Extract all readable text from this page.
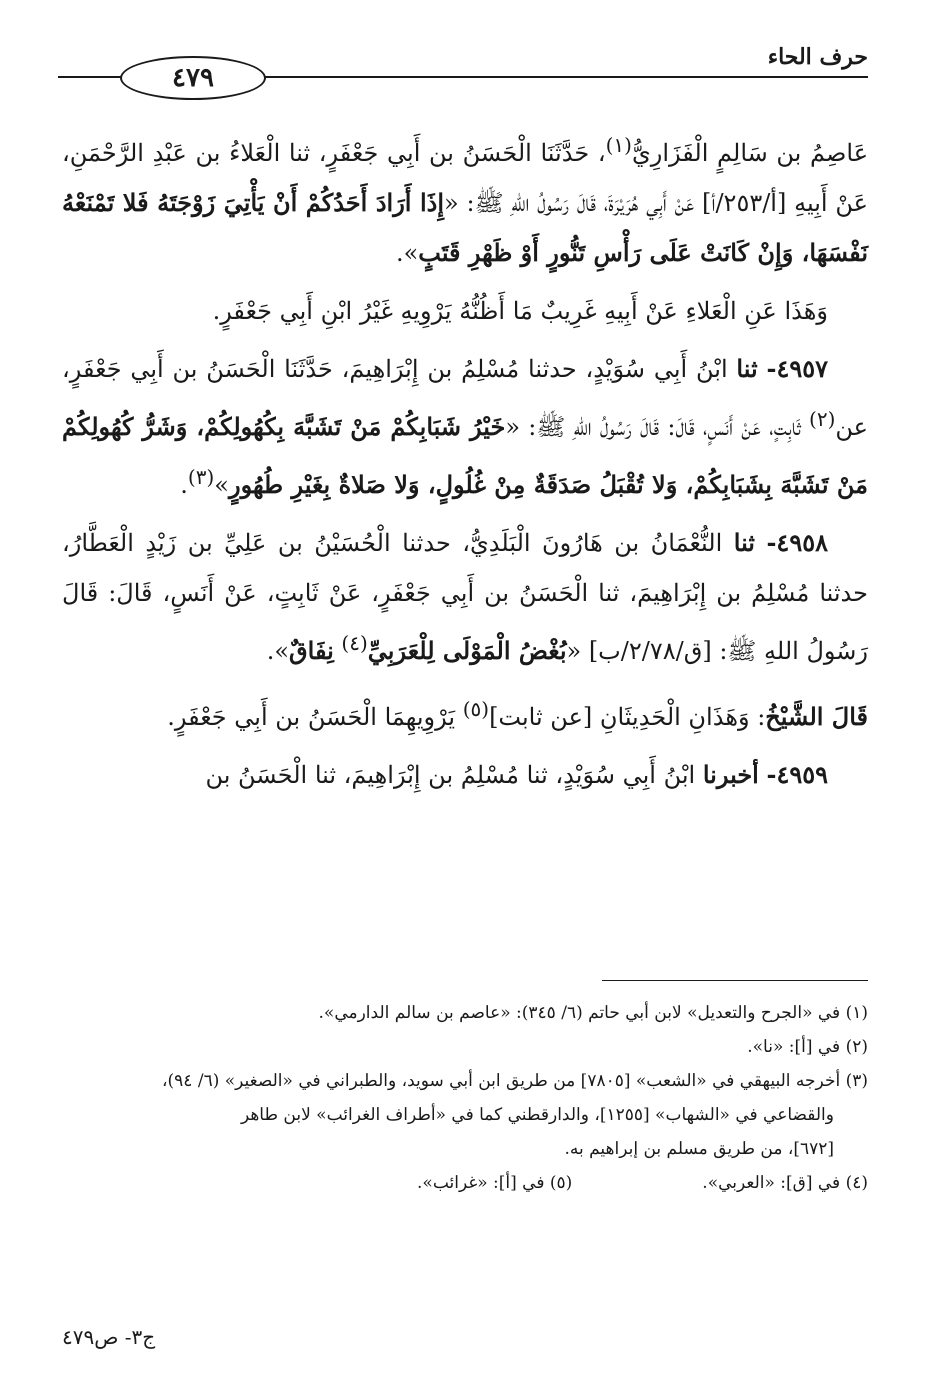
حرف الحاء
٤٧٩

عَاصِمُ بن سَالِمٍ الْفَزَارِيُّ$^{(١)}$، حَدَّثَنَا الْحَسَنُ بن أَبِي جَعْفَرٍ، ثنا الْعَلاءُ بن عَبْدِ الرَّحْمَنِ، عَنْ أَبِيهِ [أ/٢٥٣/أ] عَنْ أَبِي هُرَيْرَةَ، قَالَ رَسُولُ اللهِ ﷺ: «إِذَا أَرَادَ أَحَدُكُمْ أَنْ يَأْتِيَ زَوْجَتَهُ فَلا تَمْنَعْهُ نَفْسَهَا، وَإِنْ كَانَتْ عَلَى رَأْسِ تَنُّورٍ أَوْ ظَهْرِ قَتَبٍ».

وَهَذَا عَنِ الْعَلاءِ عَنْ أَبِيهِ غَرِيبٌ مَا أَظُنُّهُ يَرْوِيهِ غَيْرُ ابْنِ أَبِي جَعْفَرٍ.

٤٩٥٧- ثنا ابْنُ أَبِي سُوَيْدٍ، حدثنا مُسْلِمُ بن إِبْرَاهِيمَ، حَدَّثَنَا الْحَسَنُ بن أَبِي جَعْفَرٍ، عن$^{(٢)}$ ثَابِتٍ، عَنْ أَنَسٍ، قَالَ: قَالَ رَسُولُ اللهِ ﷺ: «خَيْرُ شَبَابِكُمْ مَنْ تَشَبَّهَ بِكُهُولِكُمْ، وَشَرُّ كُهُولِكُمْ مَنْ تَشَبَّهَ بِشَبَابِكُمْ، وَلا تُقْبَلُ صَدَقَةٌ مِنْ غُلُولٍ، وَلا صَلاةٌ بِغَيْرِ طُهُورٍ»$^{(٣)}$.

٤٩٥٨- ثنا النُّعْمَانُ بن هَارُونَ الْبَلَدِيُّ، حدثنا الْحُسَيْنُ بن عَلِيِّ بن زَيْدٍ الْعَطَّارُ، حدثنا مُسْلِمُ بن إِبْرَاهِيمَ، ثنا الْحَسَنُ بن أَبِي جَعْفَرٍ، عَنْ ثَابِتٍ، عَنْ أَنَسٍ، قَالَ: قَالَ رَسُولُ اللهِ ﷺ: [ق/٢/٧٨/ب] «بُغْضُ الْمَوْلَى لِلْعَرَبِيِّ$^{(٤)}$ نِفَاقٌ».

قَالَ الشَّيْخُ: وَهَذَانِ الْحَدِيثَانِ [عن ثابت]$^{(٥)}$ يَرْوِيهِمَا الْحَسَنُ بن أَبِي جَعْفَرٍ.

٤٩٥٩- أخبرنا ابْنُ أَبِي سُوَيْدٍ، ثنا مُسْلِمُ بن إِبْرَاهِيمَ، ثنا الْحَسَنُ بن

(١) في «الجرح والتعديل» لابن أبي حاتم (٦/ ٣٤٥): «عاصم بن سالم الدارمي».

(٢) في [أ]: «نا».

(٣) أخرجه البيهقي في «الشعب» [٧٨٠٥] من طريق ابن أبي سويد، والطبراني في «الصغير» (٦/ ٩٤)،

والقضاعي في «الشهاب» [١٢٥٥]، والدارقطني كما في «أطراف الغرائب» لابن طاهر

[٦٧٢]، من طريق مسلم بن إبراهيم به.

(٤) في [ق]: «العربي».
(٥) في [أ]: «غرائب».
ج٣- ص٤٧٩
